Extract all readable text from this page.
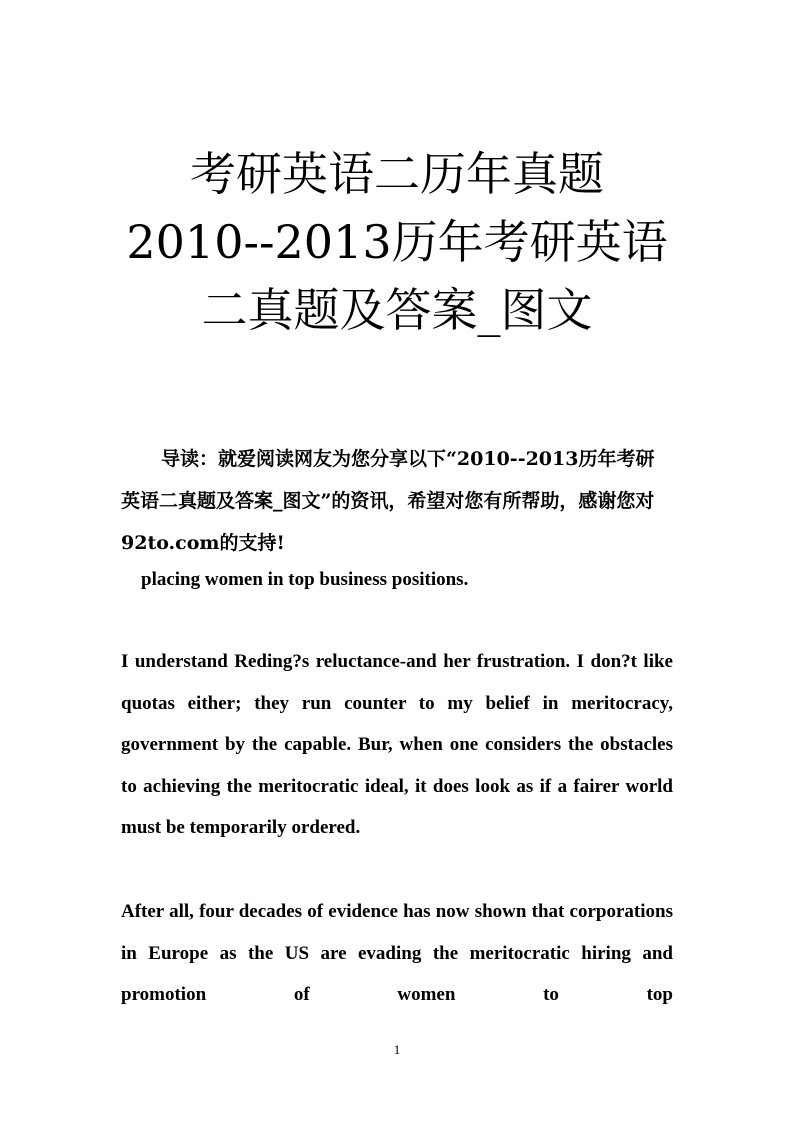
考研英语二历年真题
2010--2013历年考研英语
二真题及答案_图文

导读：就爱阅读网友为您分享以下“2010--2013历年考研英语二真题及答案_图文”的资讯，希望对您有所帮助，感谢您对92to.com的支持!

placing women in top business positions.

I understand Reding?s reluctance-and her frustration. I don?t like quotas either; they run counter to my belief in meritocracy, government by the capable. Bur, when one considers the obstacles to achieving the meritocratic ideal, it does look as if a fairer world must be temporarily ordered.

After all, four decades of evidence has now shown that corporations in Europe as the US are evading the meritocratic hiring and promotion of women to top

1
